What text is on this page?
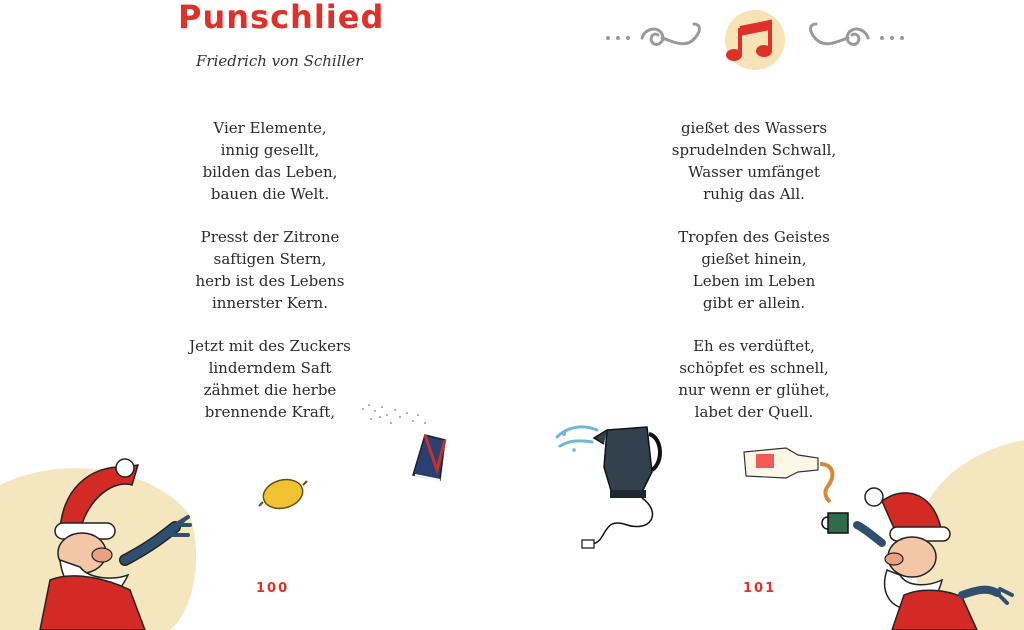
Punschlied
Friedrich von Schiller
Vier Elemente,
innig gesellt,
bilden das Leben,
bauen die Welt.
Presst der Zitrone
saftigen Stern,
herb ist des Lebens
innerster Kern.
Jetzt mit des Zuckers
linderndem Saft
zähmet die herbe
brennende Kraft,
100
gießet des Wassers
sprudelnden Schwall,
Wasser umfänget
ruhig das All.
Tropfen des Geistes
gießet hinein,
Leben im Leben
gibt er allein.
Eh es verdüftet,
schöpfet es schnell,
nur wenn er glühet,
labet der Quell.
101
